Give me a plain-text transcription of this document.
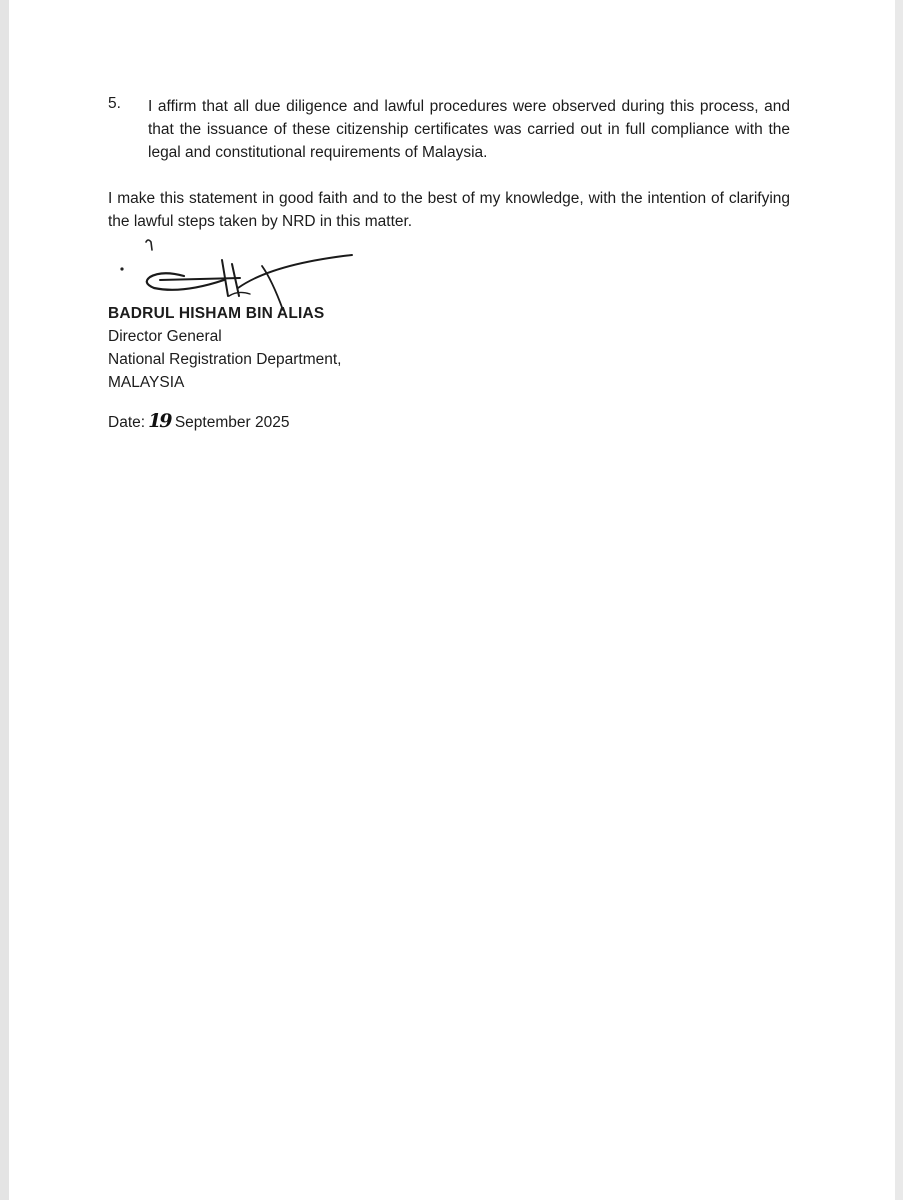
5. I affirm that all due diligence and lawful procedures were observed during this process, and that the issuance of these citizenship certificates was carried out in full compliance with the legal and constitutional requirements of Malaysia.
I make this statement in good faith and to the best of my knowledge, with the intention of clarifying the lawful steps taken by NRD in this matter.
BADRUL HISHAM BIN ALIAS
Director General
National Registration Department,
MALAYSIA
Date: 19 September 2025
